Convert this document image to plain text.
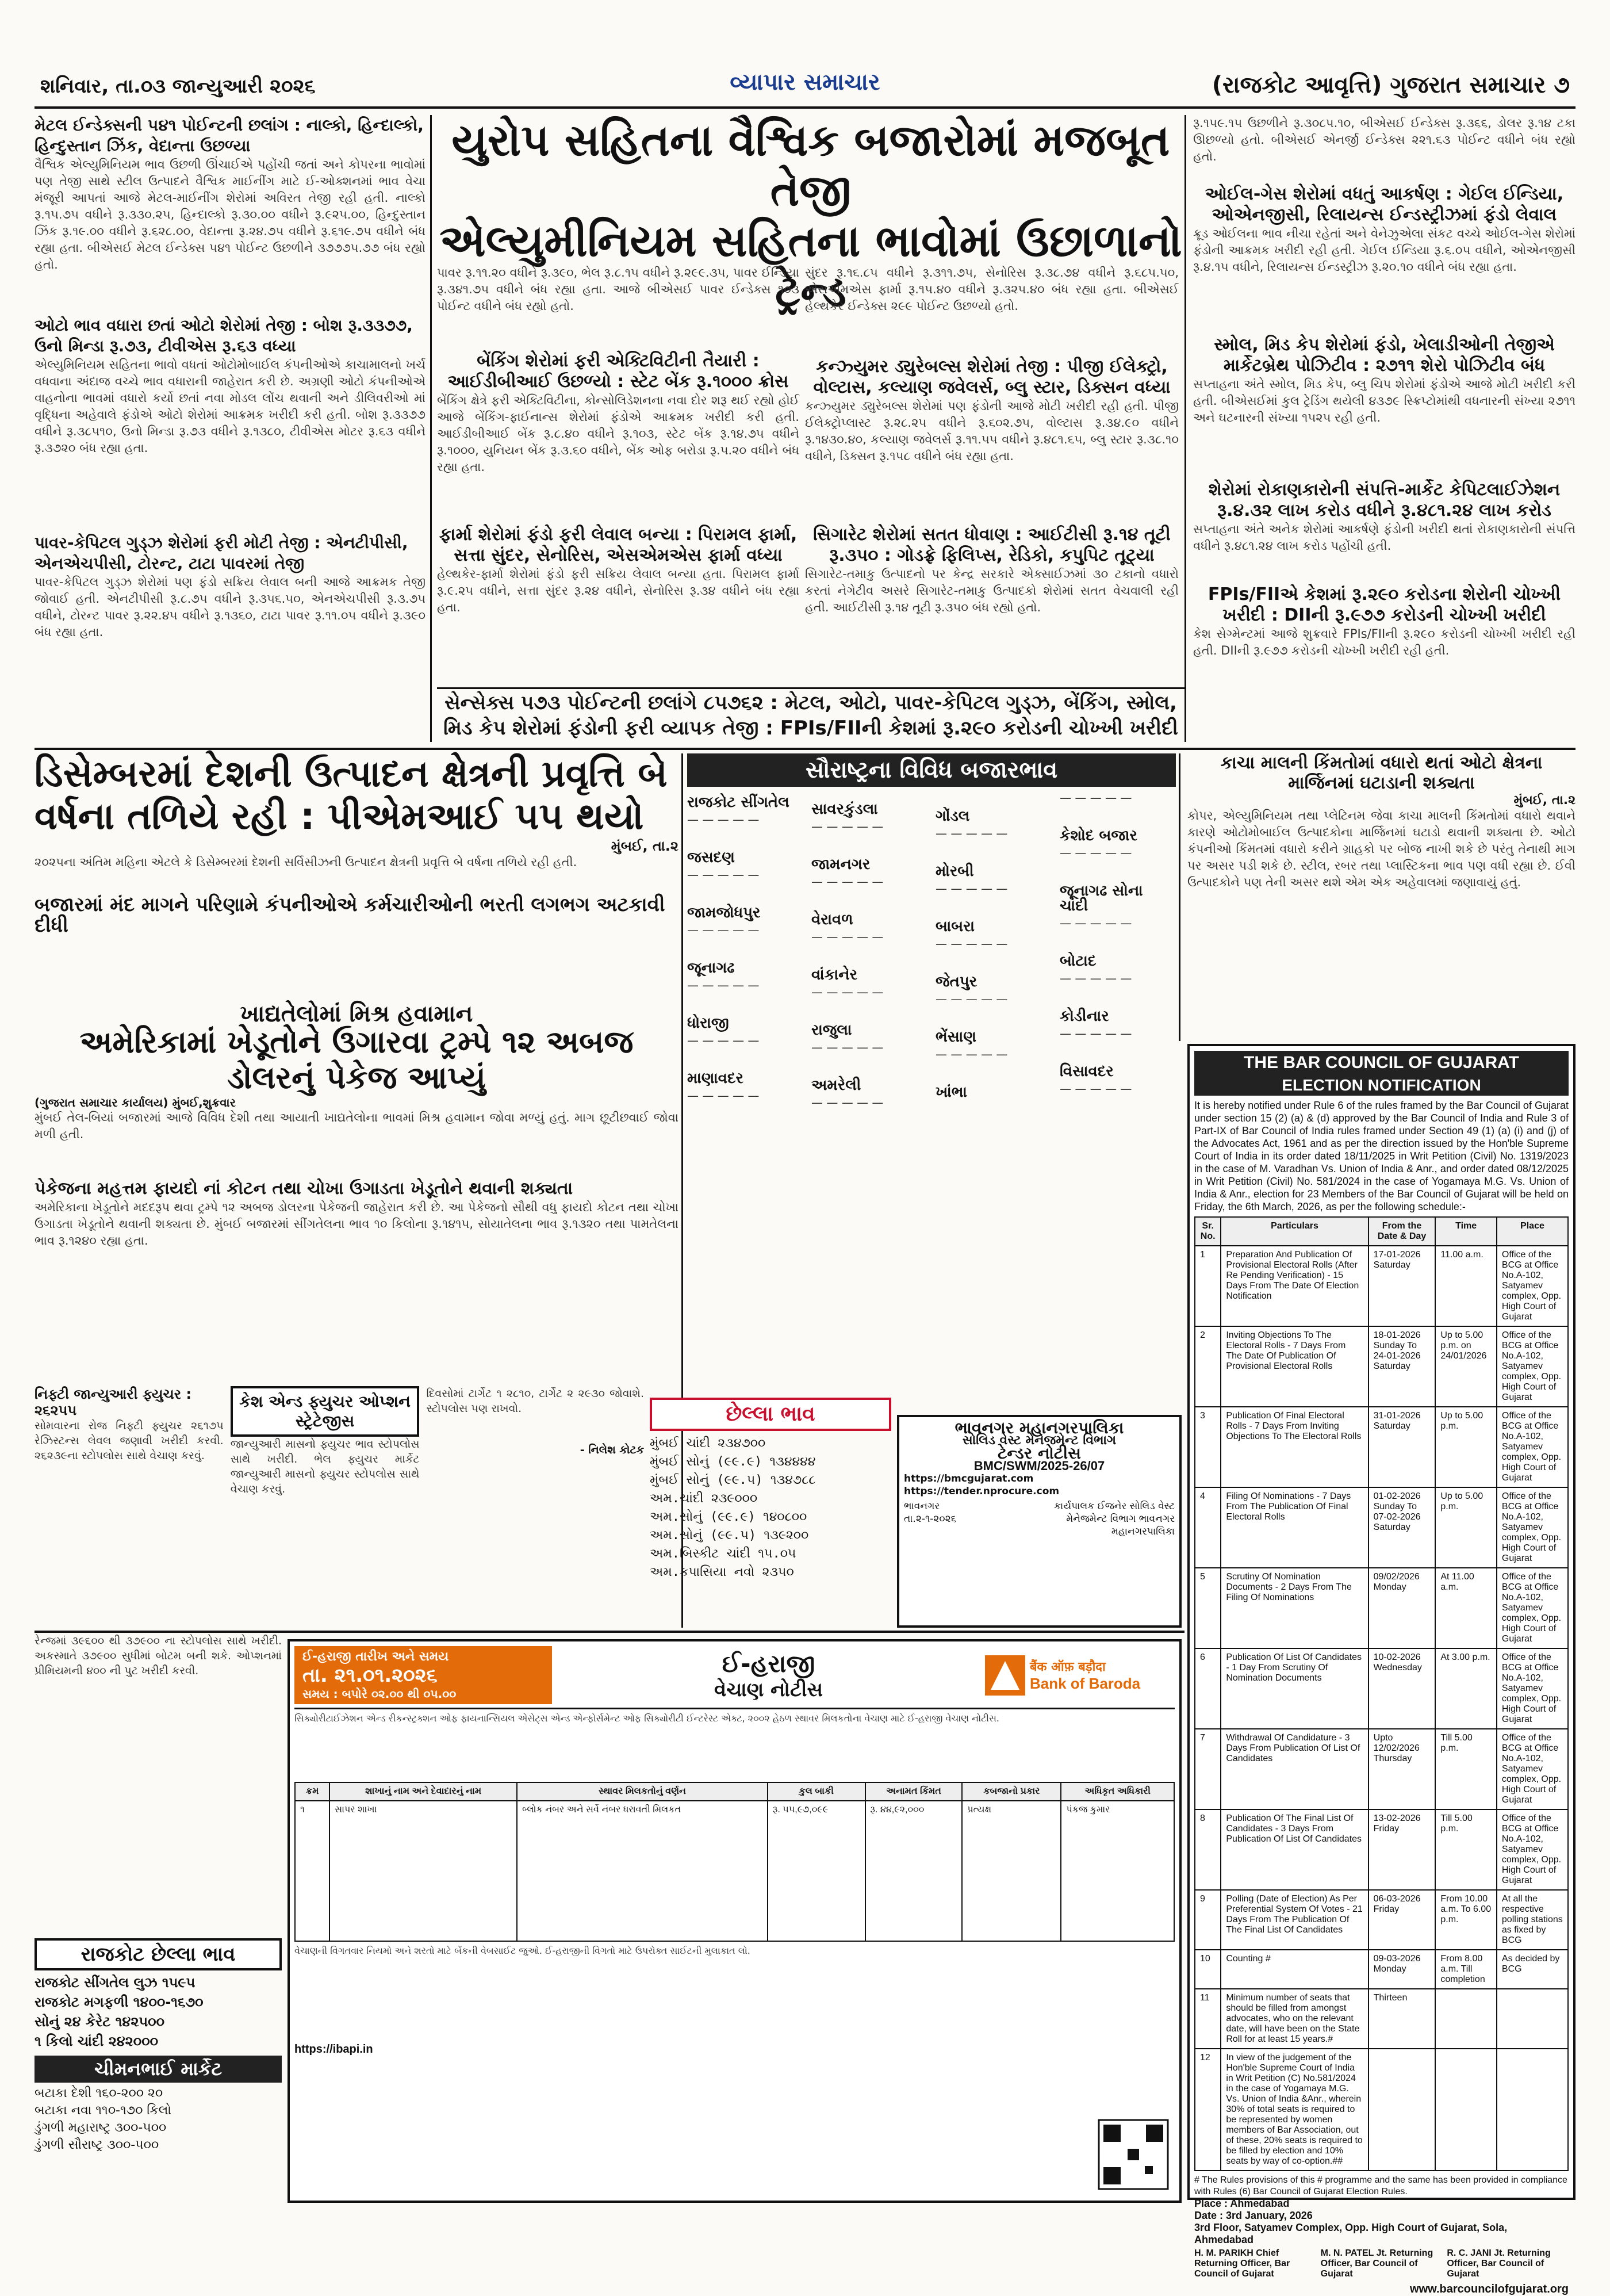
શનિવાર, તા.૦૩ જાન્યુઆરી ૨૦૨૬	વ્યાપાર સમાચાર	(રાજકોટ આવૃત્તિ) ગુજરાત સમાચાર ૭
મેટલ ઈન્ડેક્સની ૫૪૧ પોઈન્ટની છલાંગ : નાલ્કો, હિન્દાલ્કો, હિન્દુસ્તાન ઝિંક, વેદાન્તા ઉછળ્યા
વૈશ્વિક એલ્યુમિનિયમ ભાવ ઉછળી ઊંચાઈએ પહોંચી જતાં અને કોપરના ભાવોમાં પણ તેજી સાથે સ્ટીલ ઉત્પાદને વૈશ્વિક માઈનીંગ માટે ઈ-ઓક્શનમાં ભાવ વેચા મંજૂરી આપતાં આજે મેટલ-માઈનીંગ શેરોમાં અવિરત તેજી રહી હતી. નાલ્કો રૂ.૧૫.૭૫ વધીને રૂ.૩૩૦.૨૫, હિન્દાલ્કો રૂ.૩૦.૦૦ વધીને રૂ.૯૨૫.૦૦, હિન્દુસ્તાન ઝિંક રૂ.૧૯.૦૦ વધીને રૂ.૬૨૮.૦૦, વેદાન્તા રૂ.૨૪.૭૫ વધીને રૂ.૬૧૯.૭૫ વધીને બંધ રહ્યા હતા. બીએસઈ મેટલ ઈન્ડેક્સ ૫૪૧ પોઈન્ટ ઉછળીને ૩૭૭૭૫.૭૭ બંધ રહ્યો હતો.
ઓટો ભાવ વધારા છતાં ઓટો શેરોમાં તેજી : બોશ રૂ.૩૩૭૭, ઉનો મિન્ડા રૂ.૭૩, ટીવીએસ રૂ.૬૩ વધ્યા
એલ્યુમિનિયમ સહિતના ભાવો વધતાં ઓટોમોબાઈલ કંપનીઓએ કાચામાલનો ખર્ચ વધવાના અંદાજ વચ્ચે ભાવ વધારાની જાહેરાત કરી છે. અગ્રણી ઓટો કંપનીઓએ વાહનોના ભાવમાં વધારો કર્યો છતાં નવા મોડલ લોંચ થવાની અને ડીલિવરીઓ માં વૃદ્ધિના અહેવાલે ફંડોએ ઓટો શેરોમાં આક્રમક ખરીદી કરી હતી. બોશ રૂ.૩૩૭૭ વધીને રૂ.૩૮૫૧૦, ઉનો મિન્ડા રૂ.૭૩ વધીને રૂ.૧૩૮૦, ટીવીએસ મોટર રૂ.૬૩ વધીને રૂ.૩૭૨૦ બંધ રહ્યા હતા.
પાવર-કેપિટલ ગુડ્ઝ શેરોમાં ફરી મોટી તેજી : એનટીપીસી, એનએચપીસી, ટોરન્ટ, ટાટા પાવરમાં તેજી
પાવર-કેપિટલ ગુડ્ઝ શેરોમાં પણ ફંડો સક્રિય લેવાલ બની આજે આક્રમક તેજી જોવાઈ હતી. એનટીપીસી રૂ.૮.૭૫ વધીને રૂ.૩૫૬.૫૦, એનએચપીસી રૂ.૩.૭૫ વધીને, ટોરન્ટ પાવર રૂ.૨૨.૪૫ વધીને રૂ.૧૩૬૦, ટાટા પાવર રૂ.૧૧.૦૫ વધીને રૂ.૩૯૦ બંધ રહ્યા હતા.
યુરોપ સહિતના વૈશ્વિક બજારોમાં મજબૂત તેજી
એલ્યુમીનિયમ સહિતના ભાવોમાં ઉછાળાનો ટ્રેન્ડ
પાવર રૂ.૧૧.૨૦ વધીને રૂ.૩૯૦, ભેલ રૂ.૮.૧૫ વધીને રૂ.૨૯૯.૩૫, પાવર ઈન્ડિયા રૂ.૩૪૧.૭૫ વધીને બંધ રહ્યા હતા. આજે બીએસઈ પાવર ઈન્ડેક્સ ૧૦૩ પોઈન્ટ વધીને બંધ રહ્યો હતો.
બેંકિંગ શેરોમાં ફરી એક્ટિવિટીની તૈયારી : આઈડીબીઆઈ ઉછળ્યો : સ્ટેટ બેંક રૂ.૧૦૦૦ ક્રોસ
બેંકિંગ ક્ષેત્રે ફરી એક્ટિવિટીના, કોન્સોલિડેશનના નવા દોર શરૂ થઈ રહ્યો હોઈ આજે બેંકિંગ-ફાઈનાન્સ શેરોમાં ફંડોએ આક્રમક ખરીદી કરી હતી. આઈડીબીઆઈ બેંક રૂ.૮.૪૦ વધીને રૂ.૧૦૩, સ્ટેટ બેંક રૂ.૧૪.૭૫ વધીને રૂ.૧૦૦૦, યુનિયન બેંક રૂ.૩.૬૦ વધીને, બેંક ઓફ બરોડા રૂ.૫.૨૦ વધીને બંધ રહ્યા હતા.
ફાર્મા શેરોમાં ફંડો ફરી લેવાલ બન્યા : પિરામલ ફાર્મા, સત્તા સુંદર, સેનોરિસ, એસએમએસ ફાર્મા વધ્યા
હેલ્થકેર-ફાર્મા શેરોમાં ફંડો ફરી સક્રિય લેવાલ બન્યા હતા. પિરામલ ફાર્મા રૂ.૯.૨૫ વધીને, સત્તા સુંદર રૂ.૨૪ વધીને, સેનોરિસ રૂ.૩૪ વધીને બંધ રહ્યા હતા.
સુંદર રૂ.૧૬.૮૫ વધીને રૂ.૩૧૧.૭૫, સેનોરિસ રૂ.૩૮.૭૪ વધીને રૂ.૬૮૫.૫૦, એસએમએસ ફાર્મા રૂ.૧૫.૪૦ વધીને રૂ.૩૨૫.૪૦ બંધ રહ્યા હતા. બીએસઈ હેલ્થકેર ઈન્ડેક્સ ૨૯૯ પોઈન્ટ ઉછળ્યો હતો.
કન્ઝ્યુમર ડ્યુરેબલ્સ શેરોમાં તેજી : પીજી ઈલેક્ટ્રો, વોલ્ટાસ, કલ્યાણ જવેલર્સ, બ્લુ સ્ટાર, ડિક્સન વધ્યા
કન્ઝ્યુમર ડ્યુરેબલ્સ શેરોમાં પણ ફંડોની આજે મોટી ખરીદી રહી હતી. પીજી ઈલેક્ટ્રોપ્લાસ્ટ રૂ.૨૮.૨૫ વધીને રૂ.૬૦૨.૭૫, વોલ્ટાસ રૂ.૩૪.૯૦ વધીને રૂ.૧૪૩૦.૪૦, કલ્યાણ જવેલર્સ રૂ.૧૧.૫૫ વધીને રૂ.૪૮૧.૬૫, બ્લુ સ્ટાર રૂ.૩૮.૧૦ વધીને, ડિક્સન રૂ.૧૫૮ વધીને બંધ રહ્યા હતા.
સિગારેટ શેરોમાં સતત ધોવાણ : આઈટીસી રૂ.૧૪ તૂટી રૂ.૩૫૦ : ગોડફ્રે ફિલિપ્સ, રેડિકો, કપુપિટ તૂટ્યા
સિગારેટ-તમાકુ ઉત્પાદનો પર કેન્દ્ર સરકારે એક્સાઈઝમાં ૩૦ ટકાનો વધારો કરતાં નેગેટીવ અસરે સિગારેટ-તમાકુ ઉત્પાદકો શેરોમાં સતત વેચવાલી રહી હતી. આઈટીસી રૂ.૧૪ તૂટી રૂ.૩૫૦ બંધ રહ્યો હતો.
સેન્સેક્સ ૫૭૩ પોઈન્ટની છલાંગે ૮૫૭૬૨ : મેટલ, ઓટો, પાવર-કેપિટલ ગુડ્ઝ, બેંકિંગ, સ્મોલ, મિડ કેપ શેરોમાં ફંડોની ફરી વ્યાપક તેજી : FPIs/FIIની કેશમાં રૂ.૨૯૦ કરોડની ચોખ્ખી ખરીદી
રૂ.૧૫૯.૧૫ ઉછળીને રૂ.૩૦૮૫.૧૦, બીએસઈ ઈન્ડેક્સ રૂ.૩૬૬, ડોલર રૂ.૧૪ ટકા ઊછળ્યો હતો. બીએસઈ એનર્જી ઈન્ડેક્સ ૨૨૧.૬૩ પોઈન્ટ વધીને બંધ રહ્યો હતો.
ઓઈલ-ગેસ શેરોમાં વધતું આકર્ષણ : ગેઈલ ઈન્ડિયા, ઓએનજીસી, રિલાયન્સ ઈન્ડસ્ટ્રીઝમાં ફંડો લેવાલ
ક્રૂડ ઓઈલના ભાવ નીચા રહેતાં અને વેનેઝુએલા સંકટ વચ્ચે ઓઈલ-ગેસ શેરોમાં ફંડોની આક્રમક ખરીદી રહી હતી. ગેઈલ ઈન્ડિયા રૂ.૬.૦૫ વધીને, ઓએનજીસી રૂ.૪.૧૫ વધીને, રિલાયન્સ ઈન્ડસ્ટ્રીઝ રૂ.૨૦.૧૦ વધીને બંધ રહ્યા હતા.
સ્મોલ, મિડ કેપ શેરોમાં ફંડો, ખેલાડીઓની તેજીએ માર્કેટબ્રેથ પોઝિટીવ : ૨૭૧૧ શેરો પોઝિટીવ બંધ
સપ્તાહના અંતે સ્મોલ, મિડ કેપ, બ્લુ ચિપ શેરોમાં ફંડોએ આજે મોટી ખરીદી કરી હતી. બીએસઈમાં કુલ ટ્રેડિંગ થયેલી ૪૩૭૯ સ્ક્રિપ્ટોમાંથી વધનારની સંખ્યા ૨૭૧૧ અને ઘટનારની સંખ્યા ૧૫૨૫ રહી હતી.
શેરોમાં રોકાણકારોની સંપત્તિ-માર્કેટ કેપિટલાઈઝેશન રૂ.૪.૩૨ લાખ કરોડ વધીને રૂ.૪૮૧.૨૪ લાખ કરોડ
સપ્તાહના અંતે અનેક શેરોમાં આકર્ષણે ફંડોની ખરીદી થતાં રોકાણકારોની સંપત્તિ વધીને રૂ.૪૮૧.૨૪ લાખ કરોડ પહોંચી હતી.
FPIs/FIIએ કેશમાં રૂ.૨૯૦ કરોડના શેરોની ચોખ્ખી ખરીદી : DIIની રૂ.૯૭૭ કરોડની ચોખ્ખી ખરીદી
કેશ સેગ્મેન્ટમાં આજે શુક્રવારે FPIs/FIIની રૂ.૨૯૦ કરોડની ચોખ્ખી ખરીદી રહી હતી. DIIની રૂ.૯૭૭ કરોડની ચોખ્ખી ખરીદી રહી હતી.
ડિસેમ્બરમાં દેશની ઉત્પાદન ક્ષેત્રની પ્રવૃત્તિ બે વર્ષના તળિયે રહી : પીએમઆઈ ૫૫ થયો
મુંબઈ, તા.૨
૨૦૨૫ના અંતિમ મહિના એટલે કે ડિસેમ્બરમાં દેશની સર્વિસીઝની ઉત્પાદન ક્ષેત્રની પ્રવૃત્તિ બે વર્ષના તળિયે રહી હતી.
બજારમાં મંદ માગને પરિણામે કંપનીઓએ કર્મચારીઓની ભરતી લગભગ અટકાવી દીધી
ખાદ્યતેલોમાં મિશ્ર હવામાન
અમેરિકામાં ખેડૂતોને ઉગારવા ટ્રમ્પે ૧૨ અબજ ડોલરનું પેકેજ આપ્યું
(ગુજરાત સમાચાર કાર્યાલય) મુંબઈ,શુક્રવાર
મુંબઈ તેલ-બિયાં બજારમાં આજે વિવિધ દેશી તથા આયાતી ખાદ્યતેલોના ભાવમાં મિશ્ર હવામાન જોવા મળ્યું હતું. માગ છૂટીછવાઈ જોવા મળી હતી.
પેકેજના મહત્તમ ફાયદો નાં કોટન તથા ચોખા ઉગાડતા ખેડૂતોને થવાની શક્યતા
અમેરિકાના ખેડૂતોને મદદરૂપ થવા ટ્રમ્પે ૧૨ અબજ ડોલરના પેકેજની જાહેરાત કરી છે. આ પેકેજનો સૌથી વધુ ફાયદો કોટન તથા ચોખા ઉગાડતા ખેડૂતોને થવાની શક્યતા છે. મુંબઈ બજારમાં સીંગતેલના ભાવ ૧૦ કિલોના રૂ.૧૪૧૫, સોયાતેલના ભાવ રૂ.૧૩૨૦ તથા પામતેલના ભાવ રૂ.૧૨૪૦ રહ્યા હતા.
સૌરાષ્ટ્રના વિવિધ બજારભાવ
રાજકોટ સીંગતેલ
— — — — —
જસદણ
— — — — —
જામજોધપુર
— — — — —
જૂનાગઢ
— — — — —
ધોરાજી
— — — — —
માણાવદર
— — — — —
સાવરકુંડલા
— — — — —
જામનગર
— — — — —
વેરાવળ
— — — — —
વાંકાનેર
— — — — —
રાજુલા
— — — — —
અમરેલી
— — — — —
ગોંડલ
— — — — —
મોરબી
— — — — —
બાબરા
— — — — —
જેતપુર
— — — — —
ભેંસાણ
— — — — —
ખાંભા
— — — — —
કેશોદ બજાર
— — — — —
જૂનાગઢ સોના ચાંદી
— — — — —
બોટાદ
— — — — —
કોડીનાર
— — — — —
વિસાવદર
— — — — —
કાચા માલની કિંમતોમાં વધારો થતાં ઓટો ક્ષેત્રના માર્જિનમાં ઘટાડાની શક્યતા
મુંબઈ, તા.૨
કોપર, એલ્યુમિનિયમ તથા પ્લેટિનમ જેવા કાચા માલની કિંમતોમાં વધારો થવાને કારણે ઓટોમોબાઈલ ઉત્પાદકોના માર્જિનમાં ઘટાડો થવાની શક્યતા છે. ઓટો કંપનીઓ કિંમતમાં વધારો કરીને ગ્રાહકો પર બોજ નાખી શકે છે પરંતુ તેનાથી માગ પર અસર પડી શકે છે. સ્ટીલ, રબર તથા પ્લાસ્ટિકના ભાવ પણ વધી રહ્યા છે. ઈવી ઉત્પાદકોને પણ તેની અસર થશે એમ એક અહેવાલમાં જણાવાયું હતું.
THE BAR COUNCIL OF GUJARAT
ELECTION NOTIFICATION
It is hereby notified under Rule 6 of the rules framed by the Bar Council of Gujarat under section 15 (2) (a) & (d) approved by the Bar Council of India and Rule 3 of Part-IX of Bar Council of India rules framed under Section 49 (1) (a) (i) and (j) of the Advocates Act, 1961 and as per the direction issued by the Hon'ble Supreme Court of India in its order dated 18/11/2025 in Writ Petition (Civil) No. 1319/2023 in the case of M. Varadhan Vs. Union of India & Anr., and order dated 08/12/2025 in Writ Petition (Civil) No. 581/2024 in the case of Yogamaya M.G. Vs. Union of India & Anr., election for 23 Members of the Bar Council of Gujarat will be held on Friday, the 6th March, 2026, as per the following schedule:-
Sr. No.	Particulars	From the Date & Day	Time	Place
1	Preparation And Publication Of Provisional Electoral Rolls (After Re Pending Verification) - 15 Days From The Date Of Election Notification	17-01-2026 Saturday	11.00 a.m.	Office of the BCG at Office No.A-102, Satyamev complex, Opp. High Court of Gujarat
2	Inviting Objections To The Electoral Rolls - 7 Days From The Date Of Publication Of Provisional Electoral Rolls	18-01-2026 Sunday To 24-01-2026 Saturday	Up to 5.00 p.m. on 24/01/2026	Office of the BCG at Office No.A-102, Satyamev complex, Opp. High Court of Gujarat
3	Publication Of Final Electoral Rolls - 7 Days From Inviting Objections To The Electoral Rolls	31-01-2026 Saturday	Up to 5.00 p.m.	Office of the BCG at Office No.A-102, Satyamev complex, Opp. High Court of Gujarat
4	Filing Of Nominations - 7 Days From The Publication Of Final Electoral Rolls	01-02-2026 Sunday To 07-02-2026 Saturday	Up to 5.00 p.m.	Office of the BCG at Office No.A-102, Satyamev complex, Opp. High Court of Gujarat
5	Scrutiny Of Nomination Documents - 2 Days From The Filing Of Nominations	09/02/2026 Monday	At 11.00 a.m.	Office of the BCG at Office No.A-102, Satyamev complex, Opp. High Court of Gujarat
6	Publication Of List Of Candidates - 1 Day From Scrutiny Of Nomination Documents	10-02-2026 Wednesday	At 3.00 p.m.	Office of the BCG at Office No.A-102, Satyamev complex, Opp. High Court of Gujarat
7	Withdrawal Of Candidature - 3 Days From Publication Of List Of Candidates	Upto 12/02/2026 Thursday	Till 5.00 p.m.	Office of the BCG at Office No.A-102, Satyamev complex, Opp. High Court of Gujarat
8	Publication Of The Final List Of Candidates - 3 Days From Publication Of List Of Candidates	13-02-2026 Friday	Till 5.00 p.m.	Office of the BCG at Office No.A-102, Satyamev complex, Opp. High Court of Gujarat
9	Polling (Date of Election) As Per Preferential System Of Votes - 21 Days From The Publication Of The Final List Of Candidates	06-03-2026 Friday	From 10.00 a.m. To 6.00 p.m.	At all the respective polling stations as fixed by BCG
10	Counting #	09-03-2026 Monday	From 8.00 a.m. Till completion	As decided by BCG
11	Minimum number of seats that should be filled from amongst advocates, who on the relevant date, will have been on the State Roll for at least 15 years.#	Thirteen		
12	In view of the judgement of the Hon'ble Supreme Court of India in Writ Petition (C) No.581/2024 in the case of Yogamaya M.G. Vs. Union of India &Anr., wherein 30% of total seats is required to be represented by women members of Bar Association, out of these, 20% seats is required to be filled by election and 10% seats by way of co-option.##			
# The Rules provisions of this # programme and the same has been provided in compliance with Rules (6) Bar Council of Gujarat Election Rules.
Place : Ahmedabad
Date : 3rd January, 2026
3rd Floor, Satyamev Complex, Opp. High Court of Gujarat, Sola, Ahmedabad
H. M. PARIKH Chief Returning Officer, Bar Council of Gujarat
M. N. PATEL Jt. Returning Officer, Bar Council of Gujarat
R. C. JANI Jt. Returning Officer, Bar Council of Gujarat
www.barcouncilofgujarat.org
નિફ્ટી જાન્યુઆરી ફ્યુચર : ૨૬૨૫૫
સોમવારના રોજ નિફ્ટી ફ્યુચર ૨૬૧૭૫ રેઝિસ્ટન્સ લેવલ જણાવી ખરીદી કરવી. ૨૬૨૩૯ના સ્ટોપલોસ સાથે વેચાણ કરવું.
કેશ એન્ડ ફ્યુચર ઓપ્શન સ્ટ્રેટેજીસ
જાન્યુઆરી માસનો ફ્યુચર ભાવ સ્ટોપલોસ સાથે ખરીદી. ભેલ ફ્યુચર માર્કેટ જાન્યુઆરી માસનો ફ્યુચર સ્ટોપલોસ સાથે વેચાણ કરવું.
દિવસોમાં ટાર્ગેટ ૧ ૨૮૧૦, ટાર્ગેટ ૨ ૨૯૩૦ જોવાશે. સ્ટોપલોસ પણ રાખવો.
- નિલેશ કોટક
છેલ્લા ભાવ
મુંબઈ ચાંદી ૨૩૪૭૦૦
મુંબઈ સોનું (૯૯.૯) ૧૩૪૪૪૪
મુંબઈ સોનું (૯૯.૫) ૧૩૪૭૮૮
અમ.ચાંદી ૨૩૯૦૦૦
અમ.સોનું (૯૯.૯) ૧૪૦૮૦૦
અમ.સોનું (૯૯.૫) ૧૩૯૨૦૦
અમ.બિસ્કીટ ચાંદી ૧૫.૦૫
અમ.કપાસિયા નવો ૨૩૫૦
ભાવનગર મહાનગરપાલિકા
સોલિડ વેસ્ટ મેનેજમેન્ટ વિભાગ
ટેન્ડર નોટીસ
BMC/SWM/2025-26/07
https://bmcgujarat.com
https://tender.nprocure.com
ભાવનગર
તા.૨-૧-૨૦૨૬
કાર્યપાલક ઈજનેર સોલિડ વેસ્ટ મેનેજમેન્ટ વિભાગ ભાવનગર મહાનગરપાલિકા
રેન્જમાં ૩૯૬૦૦ થી ૩૭૯૦૦ ના સ્ટોપલોસ સાથે ખરીદી. અકસ્માતે ૩૭૯૦૦ સુધીમાં બોટમ બની શકે. ઓપ્શનમાં પ્રીમિયમની ૪૦૦ ની પુટ ખરીદી કરવી.
રાજકોટ છેલ્લા ભાવ
રાજકોટ સીંગતેલ લુઝ ૧૫૯૫
રાજકોટ મગફળી ૧૪૦૦-૧૬૭૦
સોનું ૨૪ કેરેટ ૧૪૨૫૦૦
૧ કિલો ચાંદી ૨૪૨૦૦૦
ચીમનભાઈ માર્કેટ
બટાકા દેશી ૧૬૦-૨૦૦ ૨૦
બટાકા નવા ૧૧૦-૧૭૦ કિલો
ડુંગળી મહારાષ્ટ્ર ૩૦૦-૫૦૦
ડુંગળી સૌરાષ્ટ્ર ૩૦૦-૫૦૦
ઈ-હરાજી તારીખ અને સમય
તા. ૨૧.૦૧.૨૦૨૬
સમય : બપોરે ૦૨.૦૦ થી ૦૫.૦૦
ઈ-હરાજી
વેચાણ નોટીસ
बैंक ऑफ़ बड़ौदा
Bank of Baroda
સિક્યોરીટાઈઝેશન એન્ડ રીકન્સ્ટ્રક્શન ઓફ ફાયનાન્સિયલ એસેટ્સ એન્ડ એન્ફોર્સમેન્ટ ઓફ સિક્યોરીટી ઈન્ટરેસ્ટ એક્ટ, ૨૦૦૨ હેઠળ સ્થાવર મિલકતોના વેચાણ માટે ઈ-હરાજી વેચાણ નોટીસ.
ક્રમ	શાખાનું નામ અને દેવાદારનું નામ	સ્થાવર મિલકતોનું વર્ણન	કુલ બાકી	અનામત કિંમત	કબજાનો પ્રકાર	અધિકૃત અધિકારી
૧	સાપર શાખા	બ્લોક નંબર અને સર્વે નંબર ધરાવતી મિલકત	રૂ. ૫૫,૯૭,૦૯૯	રૂ. ૪૪,૯૨,૦૦૦	પ્રત્યક્ષ	પંકજ કુમાર
વેચાણની વિગતવાર નિયમો અને શરતો માટે બેંકની વેબસાઈટ જુઓ. ઈ-હરાજીની વિગતો માટે ઉપરોક્ત સાઈટની મુલાકાત લો.
https://ibapi.in
